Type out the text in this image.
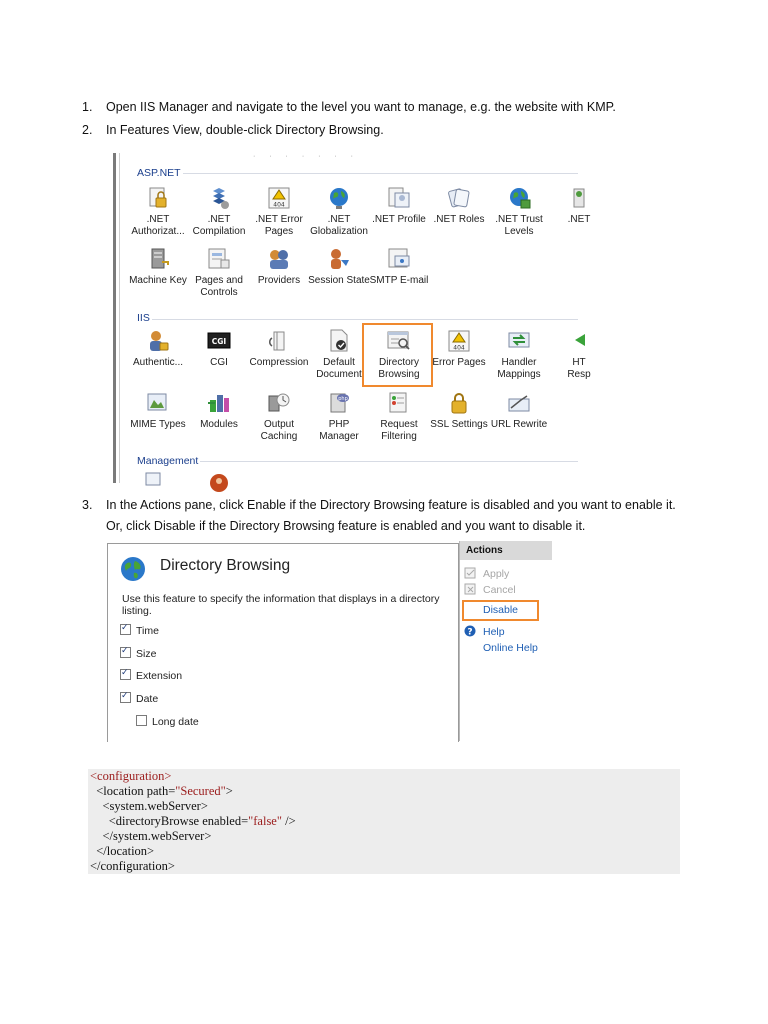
1. Open IIS Manager and navigate to the level you want to manage, e.g. the website with KMP.
2. In Features View, double-click Directory Browsing.
· · · · · · ·
ASP.NET
IIS
Management
.NET
Authorizat...
.NET
Compilation
404
.NET Error
Pages
.NET
Globalization
.NET Profile .NET Roles	.NET Trust
Levels
.NET
Machine Key Pages and
Controls
Providers Session State SMTP E-mail
Authentic...
CGI
CGI	Compression	Default
Document
Directory
Browsing
404
Error Pages	Handler
Mappings
HT
Resp
MIME Types	Modules	Output
Caching
php
PHP
Manager
Request
Filtering
SSL Settings URL Rewrite
3. In the Actions pane, click Enable if the Directory Browsing feature is disabled and you want to enable it.
Or, click Disable if the Directory Browsing feature is enabled and you want to disable it.
Directory Browsing
Use this feature to specify the information that displays in a directory listing.
✓Time
✓Size
✓Extension
✓Date
Long date
Actions
Apply
Cancel
Disable
? Help
Online Help
<configuration>
<location path="Secured">
<system.webServer>
<directoryBrowse enabled="false" />
</system.webServer>
</location>
</configuration>
